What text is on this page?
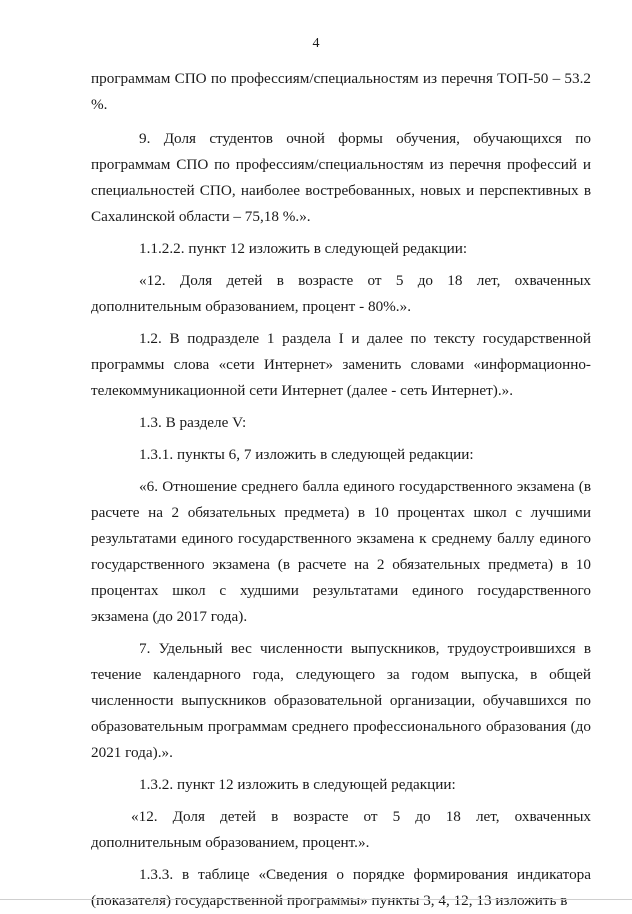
4

программам СПО по профессиям/специальностям из перечня ТОП-50 – 53.2 %.

9. Доля студентов очной формы обучения, обучающихся по программам СПО по профессиям/специальностям из перечня профессий и специальностей СПО, наиболее востребованных, новых и перспективных в Сахалинской области – 75,18 %.».

1.1.2.2. пункт 12 изложить в следующей редакции:

«12. Доля детей в возрасте от 5 до 18 лет, охваченных дополнительным образованием, процент - 80%.».

1.2. В подразделе 1 раздела I и далее по тексту государственной программы слова «сети Интернет» заменить словами «информационно-телекоммуникационной сети Интернет (далее - сеть Интернет).».

1.3. В разделе V:

1.3.1. пункты 6, 7 изложить в следующей редакции:

«6. Отношение среднего балла единого государственного экзамена (в расчете на 2 обязательных предмета) в 10 процентах школ с лучшими результатами единого государственного экзамена к среднему баллу единого государственного экзамена (в расчете на 2 обязательных предмета) в 10 процентах школ с худшими результатами единого государственного экзамена (до 2017 года).

7. Удельный вес численности выпускников, трудоустроившихся в течение календарного года, следующего за годом выпуска, в общей численности выпускников образовательной организации, обучавшихся по образовательным программам среднего профессионального образования (до 2021 года).».

1.3.2. пункт 12 изложить в следующей редакции:

«12. Доля детей в возрасте от 5 до 18 лет, охваченных дополнительным образованием, процент.».

1.3.3. в таблице «Сведения о порядке формирования индикатора (показателя) государственной программы» пункты 3, 4, 12, 13 изложить в
